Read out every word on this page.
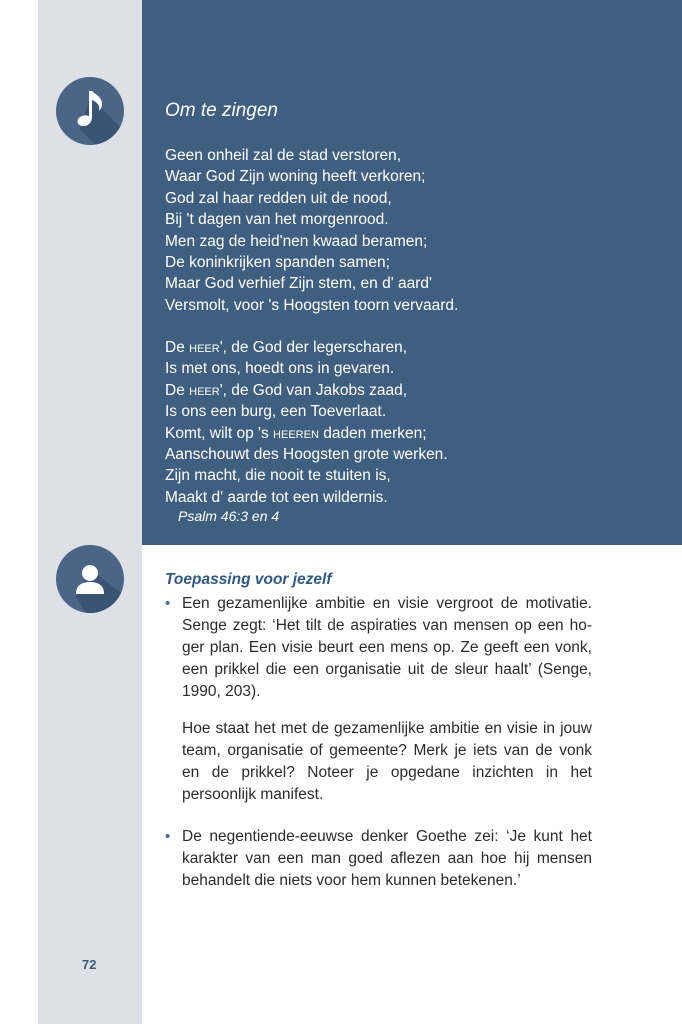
Om te zingen
Geen onheil zal de stad verstoren,
Waar God Zijn woning heeft verkoren;
God zal haar redden uit de nood,
Bij 't dagen van het morgenrood.
Men zag de heid'nen kwaad beramen;
De koninkrijken spanden samen;
Maar God verhief Zijn stem, en d' aard'
Versmolt, voor 's Hoogsten toorn vervaard.
De heer', de God der legerscharen,
Is met ons, hoedt ons in gevaren.
De heer', de God van Jakobs zaad,
Is ons een burg, een Toeverlaat.
Komt, wilt op 's heeren daden merken;
Aanschouwt des Hoogsten grote werken.
Zijn macht, die nooit te stuiten is,
Maakt d' aarde tot een wildernis.
Psalm 46:3 en 4
Toepassing voor jezelf
• Een gezamenlijke ambitie en visie vergroot de motivatie. Senge zegt: ‘Het tilt de aspiraties van mensen op een hoger plan. Een visie beurt een mens op. Ze geeft een vonk, een prikkel die een organisatie uit de sleur haalt’ (Senge, 1990, 203).
Hoe staat het met de gezamenlijke ambitie en visie in jouw team, organisatie of gemeente? Merk je iets van de vonk en de prikkel? Noteer je opgedane inzichten in het persoonlijk manifest.
• De negentiende-eeuwse denker Goethe zei: ‘Je kunt het karakter van een man goed aflezen aan hoe hij mensen behandelt die niets voor hem kunnen betekenen.’
72
